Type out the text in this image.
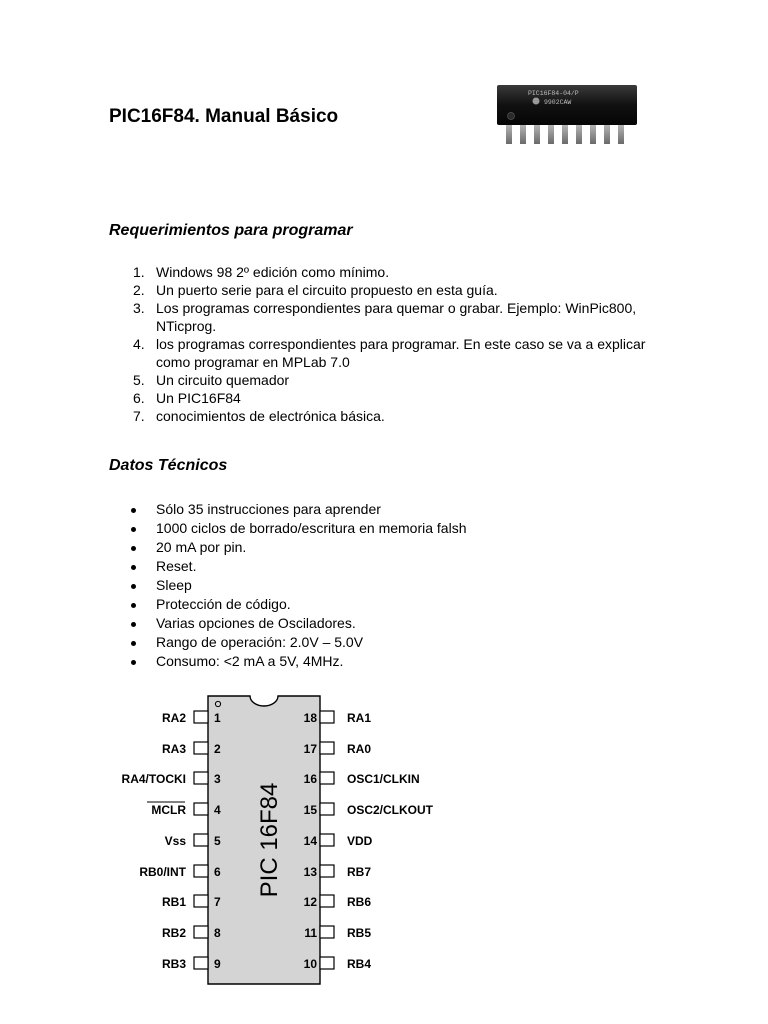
PIC16F84. Manual Básico
PIC16F84-04/P
9902CAW
Requerimientos para programar
1. Windows 98 2º edición como mínimo.
2. Un puerto serie para el circuito propuesto en esta guía.
3. Los programas correspondientes para quemar o grabar. Ejemplo: WinPic800, NTicprog.
4. los programas correspondientes para programar. En este caso se va a explicar como programar en MPLab 7.0
5. Un circuito quemador
6. Un PIC16F84
7. conocimientos de electrónica básica.
Datos Técnicos
Sólo 35 instrucciones para aprender
1000 ciclos de borrado/escritura en memoria falsh
20 mA por pin.
Reset.
Sleep
Protección de código.
Varias opciones de Osciladores.
Rango de operación: 2.0V – 5.0V
Consumo: <2 mA a 5V, 4MHz.
PIC 16F84
RA2
RA3
RA4/TOCKI
MCLR
Vss
RB0/INT
RB1
RB2
RB3
1
2
3
4
5
6
7
8
9
18
17
16
15
14
13
12
11
10
RA1
RA0
OSC1/CLKIN
OSC2/CLKOUT
VDD
RB7
RB6
RB5
RB4
